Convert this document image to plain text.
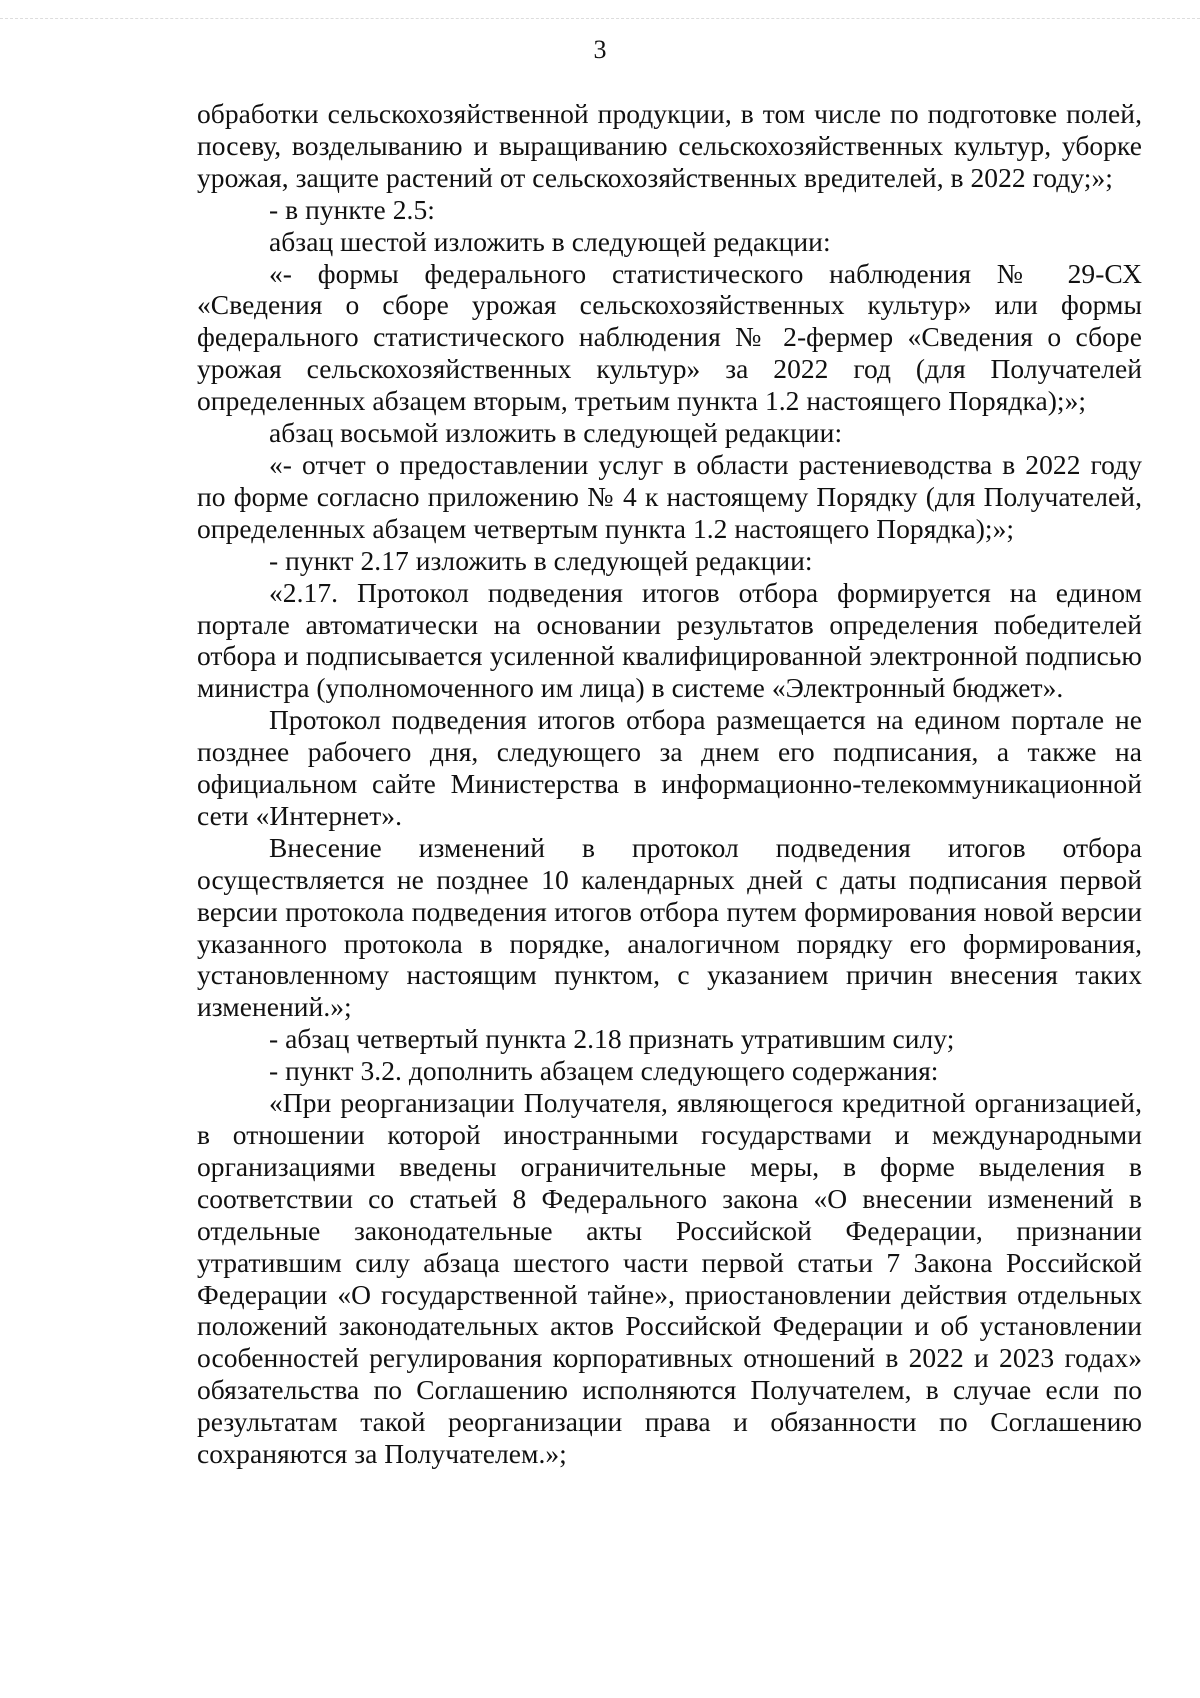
3

обработки сельскохозяйственной продукции, в том числе по подготовке полей, посеву, возделыванию и выращиванию сельскохозяйственных культур, уборке урожая, защите растений от сельскохозяйственных вредителей, в 2022 году;»;

- в пункте 2.5:

абзац шестой изложить в следующей редакции:

«- формы федерального статистического наблюдения № 29-СХ «Сведения о сборе урожая сельскохозяйственных культур» или формы федерального статистического наблюдения № 2-фермер «Сведения о сборе урожая сельскохозяйственных культур» за 2022 год (для Получателей определенных абзацем вторым, третьим пункта 1.2 настоящего Порядка);»;

абзац восьмой изложить в следующей редакции:

«- отчет о предоставлении услуг в области растениеводства в 2022 году по форме согласно приложению № 4 к настоящему Порядку (для Получателей, определенных абзацем четвертым пункта 1.2 настоящего Порядка);»;

- пункт 2.17 изложить в следующей редакции:

«2.17. Протокол подведения итогов отбора формируется на едином портале автоматически на основании результатов определения победителей отбора и подписывается усиленной квалифицированной электронной подписью министра (уполномоченного им лица) в системе «Электронный бюджет».

Протокол подведения итогов отбора размещается на едином портале не позднее рабочего дня, следующего за днем его подписания, а также на официальном сайте Министерства в информационно-телекоммуникационной сети «Интернет».

Внесение изменений в протокол подведения итогов отбора осуществляется не позднее 10 календарных дней с даты подписания первой версии протокола подведения итогов отбора путем формирования новой версии указанного протокола в порядке, аналогичном порядку его формирования, установленному настоящим пунктом, с указанием причин внесения таких изменений.»;

- абзац четвертый пункта 2.18 признать утратившим силу;

- пункт 3.2. дополнить абзацем следующего содержания:

«При реорганизации Получателя, являющегося кредитной организацией, в отношении которой иностранными государствами и международными организациями введены ограничительные меры, в форме выделения в соответствии со статьей 8 Федерального закона «О внесении изменений в отдельные законодательные акты Российской Федерации, признании утратившим силу абзаца шестого части первой статьи 7 Закона Российской Федерации «О государственной тайне», приостановлении действия отдельных положений законодательных актов Российской Федерации и об установлении особенностей регулирования корпоративных отношений в 2022 и 2023 годах» обязательства по Соглашению исполняются Получателем, в случае если по результатам такой реорганизации права и обязанности по Соглашению сохраняются за Получателем.»;
